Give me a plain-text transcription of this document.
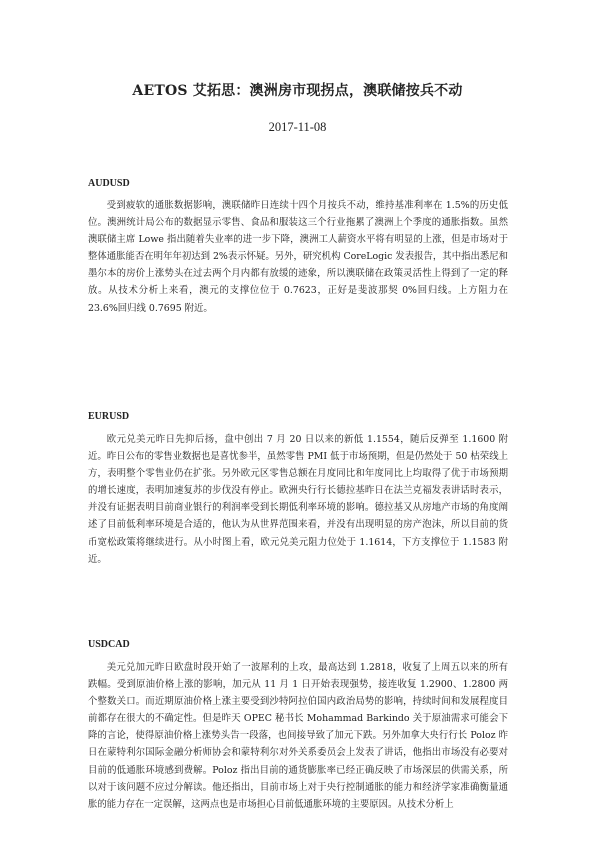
AETOS 艾拓思：澳洲房市现拐点，澳联储按兵不动
2017-11-08
AUDUSD
受到疲软的通胀数据影响，澳联储昨日连续十四个月按兵不动，维持基准利率在 1.5%的历史低位。澳洲统计局公布的数据显示零售、食品和服装这三个行业拖累了澳洲上个季度的通胀指数。虽然澳联储主席 Lowe 指出随着失业率的进一步下降，澳洲工人薪资水平将有明显的上涨，但是市场对于整体通胀能否在明年年初达到 2%表示怀疑。另外，研究机构 CoreLogic 发表报告，其中指出悉尼和墨尔本的房价上涨势头在过去两个月内都有放缓的迹象，所以澳联储在政策灵活性上得到了一定的释放。从技术分析上来看，澳元的支撑位位于 0.7623，正好是斐波那契 0%回归线。上方阻力在 23.6%回归线 0.7695 附近。
EURUSD
欧元兑美元昨日先抑后扬，盘中创出 7 月 20 日以来的新低 1.1554，随后反弹至 1.1600 附近。昨日公布的零售业数据也是喜忧参半，虽然零售 PMI 低于市场预期，但是仍然处于 50 枯荣线上方，表明整个零售业仍在扩张。另外欧元区零售总额在月度同比和年度同比上均取得了优于市场预期的增长速度，表明加速复苏的步伐没有停止。欧洲央行行长德拉基昨日在法兰克福发表讲话时表示，并没有证据表明目前商业银行的利润率受到长期低利率环境的影响。德拉基又从房地产市场的角度阐述了目前低利率环境是合适的，他认为从世界范围来看，并没有出现明显的房产泡沫，所以目前的货币宽松政策将继续进行。从小时图上看，欧元兑美元阻力位处于 1.1614，下方支撑位于 1.1583 附近。
USDCAD
美元兑加元昨日欧盘时段开始了一波犀利的上攻，最高达到 1.2818，收复了上周五以来的所有跌幅。受到原油价格上涨的影响，加元从 11 月 1 日开始表现强势，接连收复 1.2900、1.2800 两个整数关口。而近期原油价格上涨主要受到沙特阿拉伯国内政治局势的影响，持续时间和发展程度目前都存在很大的不确定性。但是昨天 OPEC 秘书长 Mohammad Barkindo 关于原油需求可能会下降的言论，使得原油价格上涨势头告一段落，也间接导致了加元下跌。另外加拿大央行行长 Poloz 昨日在蒙特利尔国际金融分析师协会和蒙特利尔对外关系委员会上发表了讲话，他指出市场没有必要对目前的低通胀环境感到费解。Poloz 指出目前的通货膨胀率已经正确反映了市场深层的供需关系，所以对于该问题不应过分解读。他还指出，目前市场上对于央行控制通胀的能力和经济学家准确衡量通胀的能力存在一定误解，这两点也是市场担心目前低通胀环境的主要原因。从技术分析上
